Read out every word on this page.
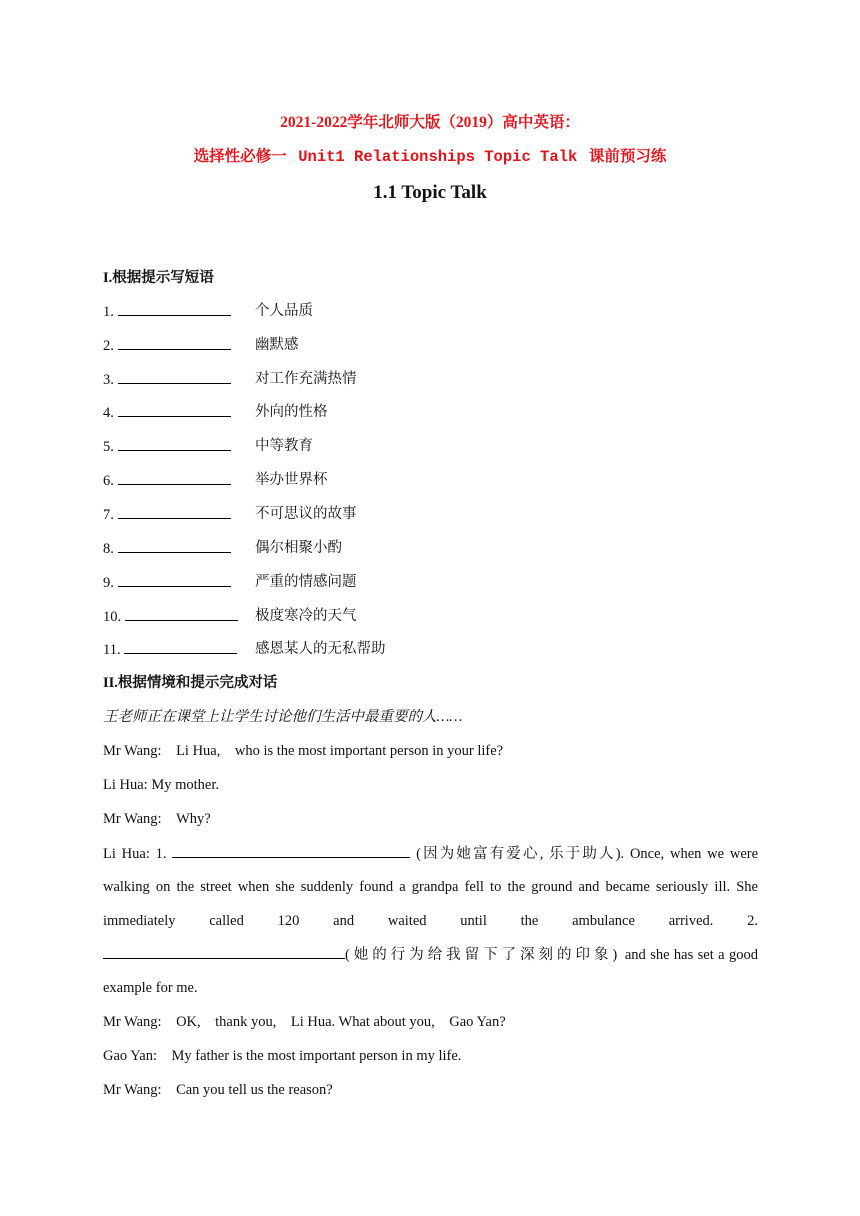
2021-2022学年北师大版（2019）高中英语：
选择性必修一 Unit1 Relationships Topic Talk 课前预习练
1.1 Topic Talk
I.根据提示写短语
1.	个人品质
2.	幽默感
3.	对工作充满热情
4.	外向的性格
5.	中等教育
6.	举办世界杯
7.	不可思议的故事
8.	偶尔相聚小酌
9.	严重的情感问题
10.	极度寒冷的天气
11.	感恩某人的无私帮助
II.根据情境和提示完成对话
王老师正在课堂上让学生讨论他们生活中最重要的人……
Mr Wang: Li Hua,　who is the most important person in your life?
Li Hua: My mother.
Mr Wang: Why?
Li Hua: 1.	(因为她富有爱心, 乐于助人). Once, when we were
walking on the street when she suddenly found a grandpa fell to the ground and became seriously ill. She
immediately called 120 and waited until the ambulance arrived. 2.
(她的行为给我留下了深刻的印象) and she has set a good
example for me.
Mr Wang: OK,　thank you,　Li Hua. What about you,　Gao Yan?
Gao Yan: My father is the most important person in my life.
Mr Wang: Can you tell us the reason?
